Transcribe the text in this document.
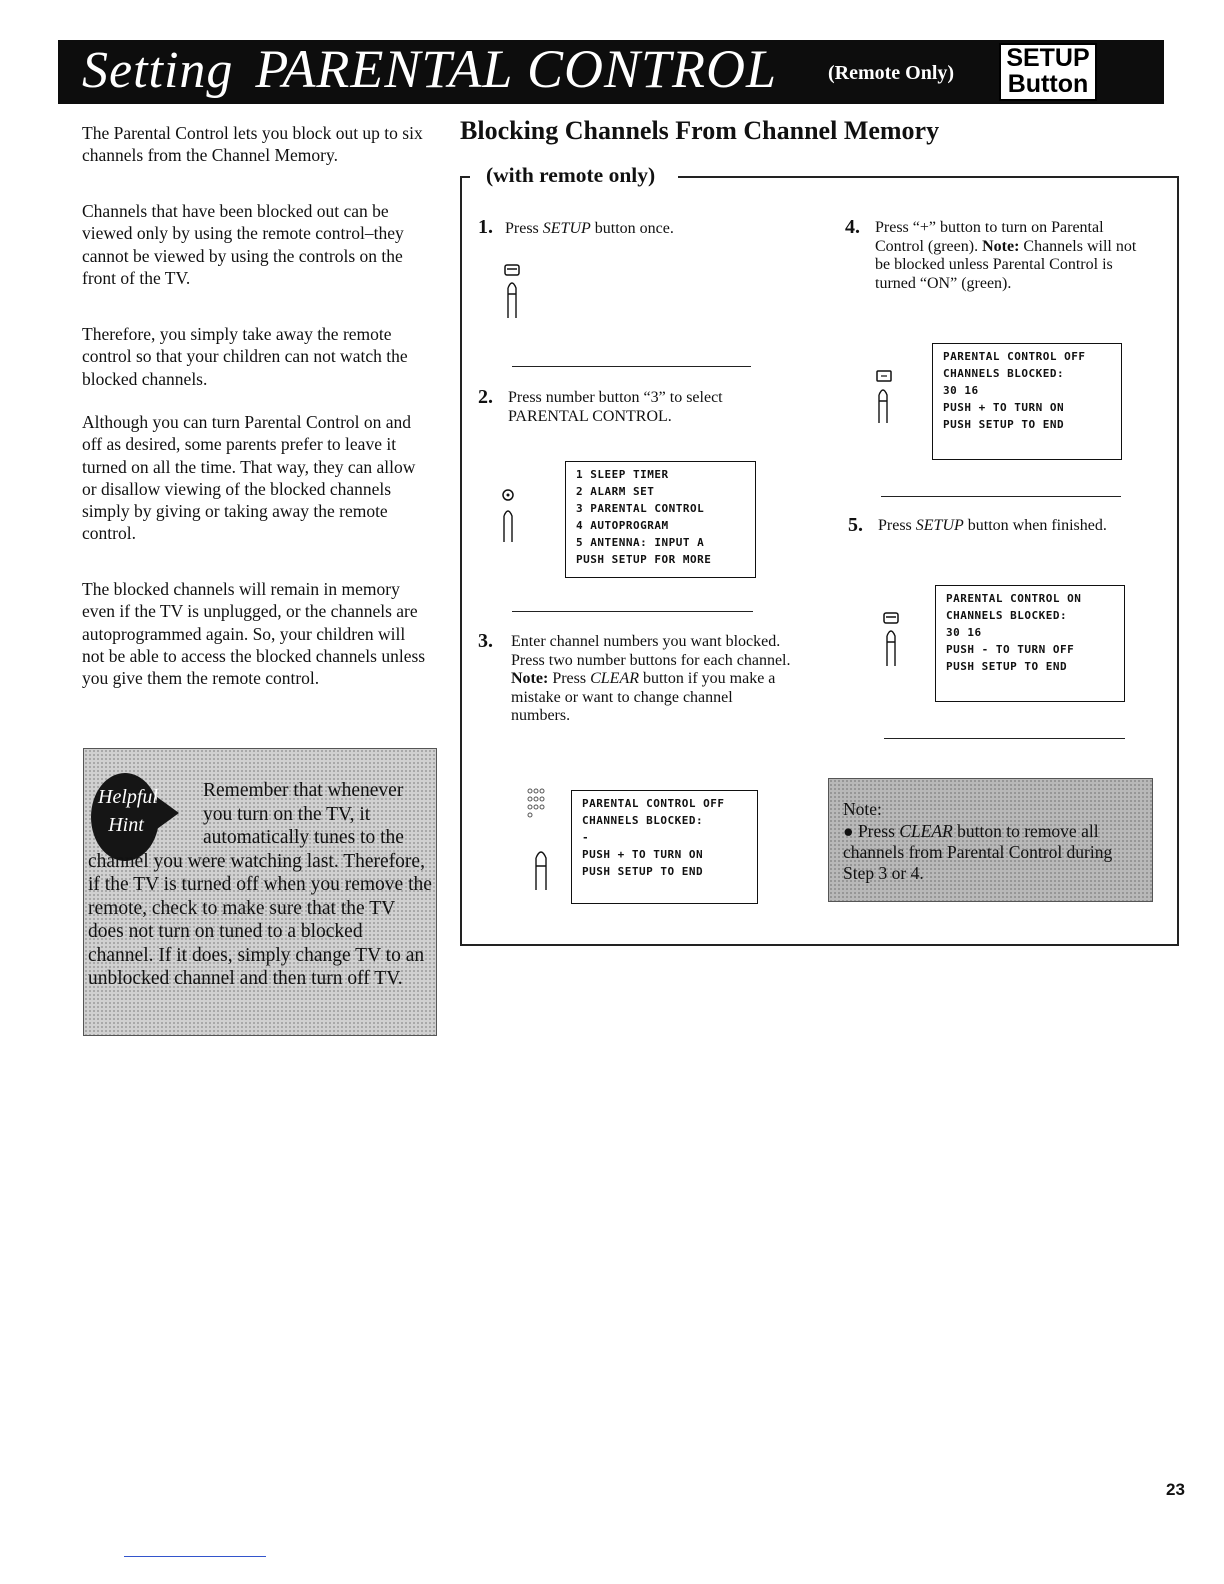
Setting PARENTAL CONTROL	(Remote Only)
SETUP
Button
The Parental Control lets you block out up to six channels from the Channel Memory.
Channels that have been blocked out can be viewed only by using the remote control–they cannot be viewed by using the controls on the front of the TV.
Therefore, you simply take away the remote control so that your children can not watch the blocked channels.
Although you can turn Parental Control on and off as desired, some parents prefer to leave it turned on all the time. That way, they can allow or disallow viewing of the blocked channels simply by giving or taking away the remote control.
The blocked channels will remain in memory even if the TV is unplugged, or the channels are autoprogrammed again. So, your children will not be able to access the blocked channels unless you give them the remote control.
Helpful
Hint
Remember that whenever you turn on the TV, it automatically tunes to the
channel you were watching last. Therefore, if the TV is turned off when you remove the remote, check to make sure that the TV does not turn on tuned to a blocked channel. If it does, simply change TV to an unblocked channel and then turn off TV.
Blocking Channels From Channel Memory
(with remote only)
1. Press SETUP button once.
2. Press number button “3” to select PARENTAL CONTROL.
1 SLEEP TIMER
2 ALARM SET
3 PARENTAL CONTROL
4 AUTOPROGRAM
5 ANTENNA: INPUT A
PUSH SETUP FOR MORE
3. Enter channel numbers you want blocked. Press two number buttons for each channel. Note: Press CLEAR button if you make a mistake or want to change channel numbers.
PARENTAL CONTROL OFF
CHANNELS BLOCKED:
-
PUSH + TO TURN ON
PUSH SETUP TO END
4. Press “+” button to turn on Parental Control (green). Note: Channels will not be blocked unless Parental Control is turned “ON” (green).
PARENTAL CONTROL OFF
CHANNELS BLOCKED:
30 16
PUSH + TO TURN ON
PUSH SETUP TO END
5. Press SETUP button when finished.
PARENTAL CONTROL ON
CHANNELS BLOCKED:
30 16
PUSH - TO TURN OFF
PUSH SETUP TO END
Note:
● Press CLEAR button to remove all channels from Parental Control during Step 3 or 4.
23
